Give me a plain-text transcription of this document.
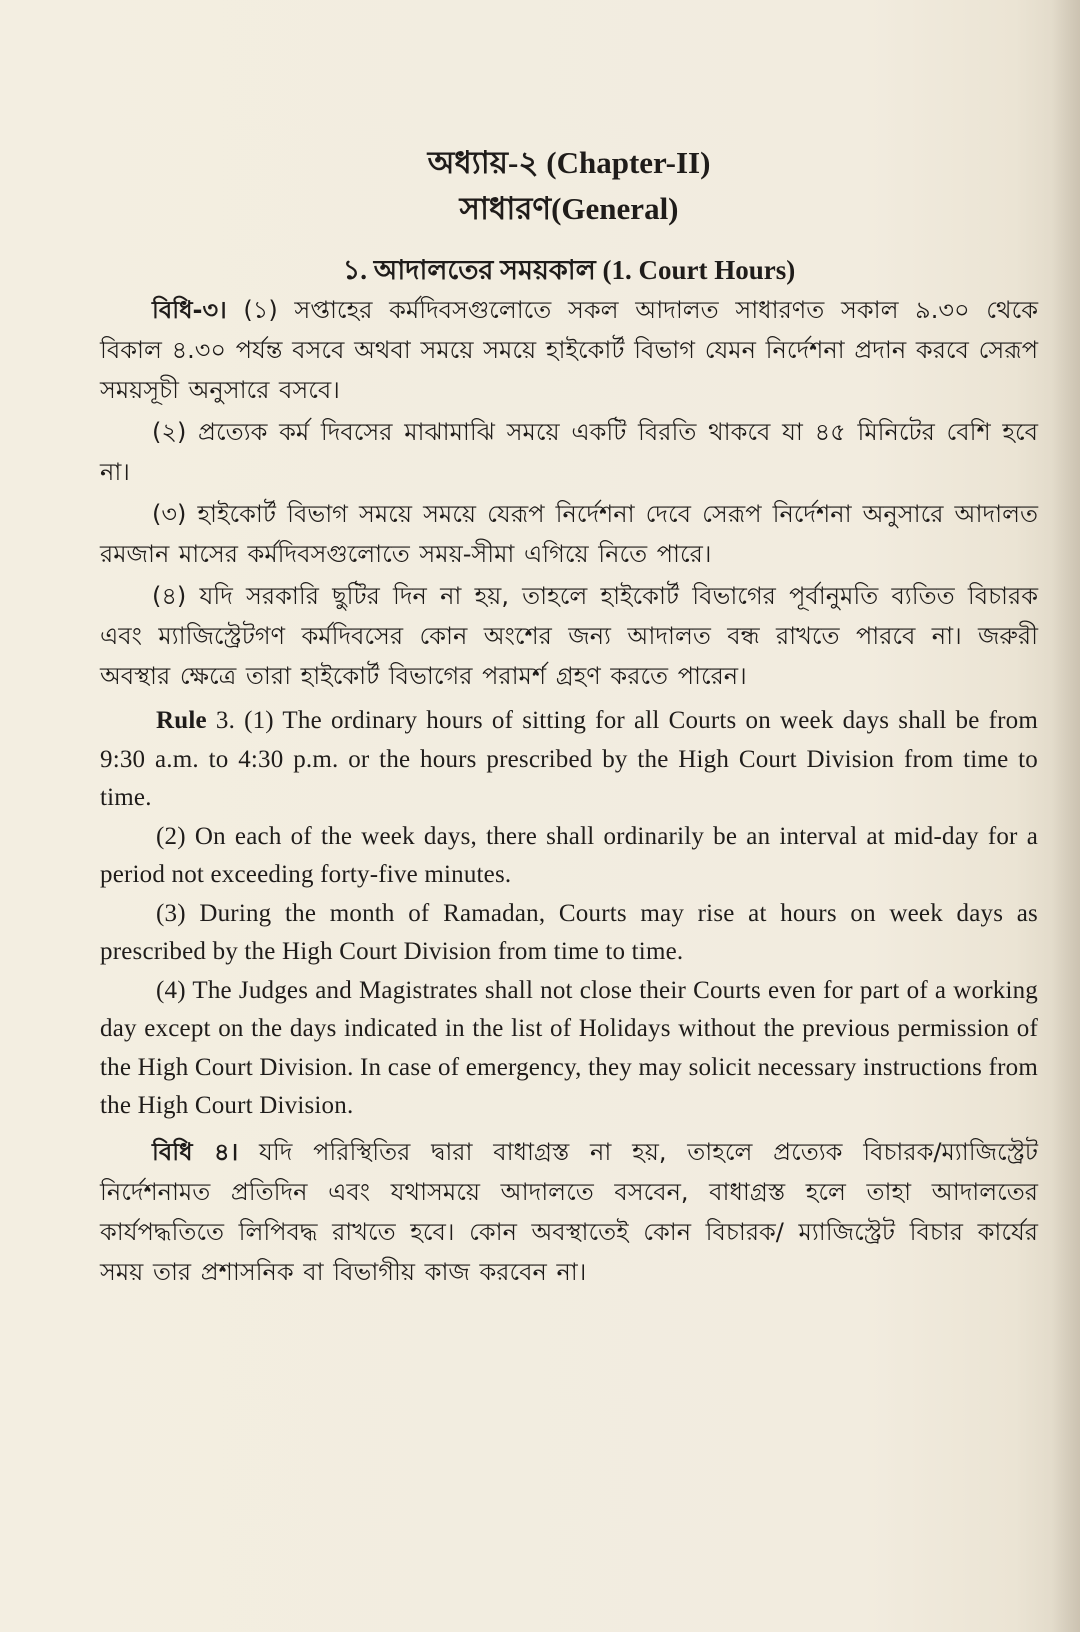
অধ্যায়-২ (Chapter-II)
সাধারণ(General)
১. আদালতের সময়কাল (1. Court Hours)

বিধি-৩। (১) সপ্তাহের কর্মদিবসগুলোতে সকল আদালত সাধারণত সকাল ৯.৩০ থেকে বিকাল ৪.৩০ পর্যন্ত বসবে অথবা সময়ে সময়ে হাইকোর্ট বিভাগ যেমন নির্দেশনা প্রদান করবে সেরূপ সময়সূচী অনুসারে বসবে।

(২) প্রত্যেক কর্ম দিবসের মাঝামাঝি সময়ে একটি বিরতি থাকবে যা ৪৫ মিনিটের বেশি হবে না।

(৩) হাইকোর্ট বিভাগ সময়ে সময়ে যেরূপ নির্দেশনা দেবে সেরূপ নির্দেশনা অনুসারে আদালত রমজান মাসের কর্মদিবসগুলোতে সময়-সীমা এগিয়ে নিতে পারে।

(৪) যদি সরকারি ছুটির দিন না হয়, তাহলে হাইকোর্ট বিভাগের পূর্বানুমতি ব্যতিত বিচারক এবং ম্যাজিস্ট্রেটগণ কর্মদিবসের কোন অংশের জন্য আদালত বন্ধ রাখতে পারবে না। জরুরী অবস্থার ক্ষেত্রে তারা হাইকোর্ট বিভাগের পরামর্শ গ্রহণ করতে পারেন।

Rule 3. (1) The ordinary hours of sitting for all Courts on week days shall be from 9:30 a.m. to 4:30 p.m. or the hours prescribed by the High Court Division from time to time.

(2) On each of the week days, there shall ordinarily be an interval at mid-day for a period not exceeding forty-five minutes.

(3) During the month of Ramadan, Courts may rise at hours on week days as prescribed by the High Court Division from time to time.

(4) The Judges and Magistrates shall not close their Courts even for part of a working day except on the days indicated in the list of Holidays without the previous permission of the High Court Division. In case of emergency, they may solicit necessary instructions from the High Court Division.

বিধি ৪। যদি পরিস্থিতির দ্বারা বাধাগ্রস্ত না হয়, তাহলে প্রত্যেক বিচারক/ম্যাজিস্ট্রেট নির্দেশনামত প্রতিদিন এবং যথাসময়ে আদালতে বসবেন, বাধাগ্রস্ত হলে তাহা আদালতের কার্যপদ্ধতিতে লিপিবদ্ধ রাখতে হবে। কোন অবস্থাতেই কোন বিচারক/ ম্যাজিস্ট্রেট বিচার কার্যের সময় তার প্রশাসনিক বা বিভাগীয় কাজ করবেন না।
